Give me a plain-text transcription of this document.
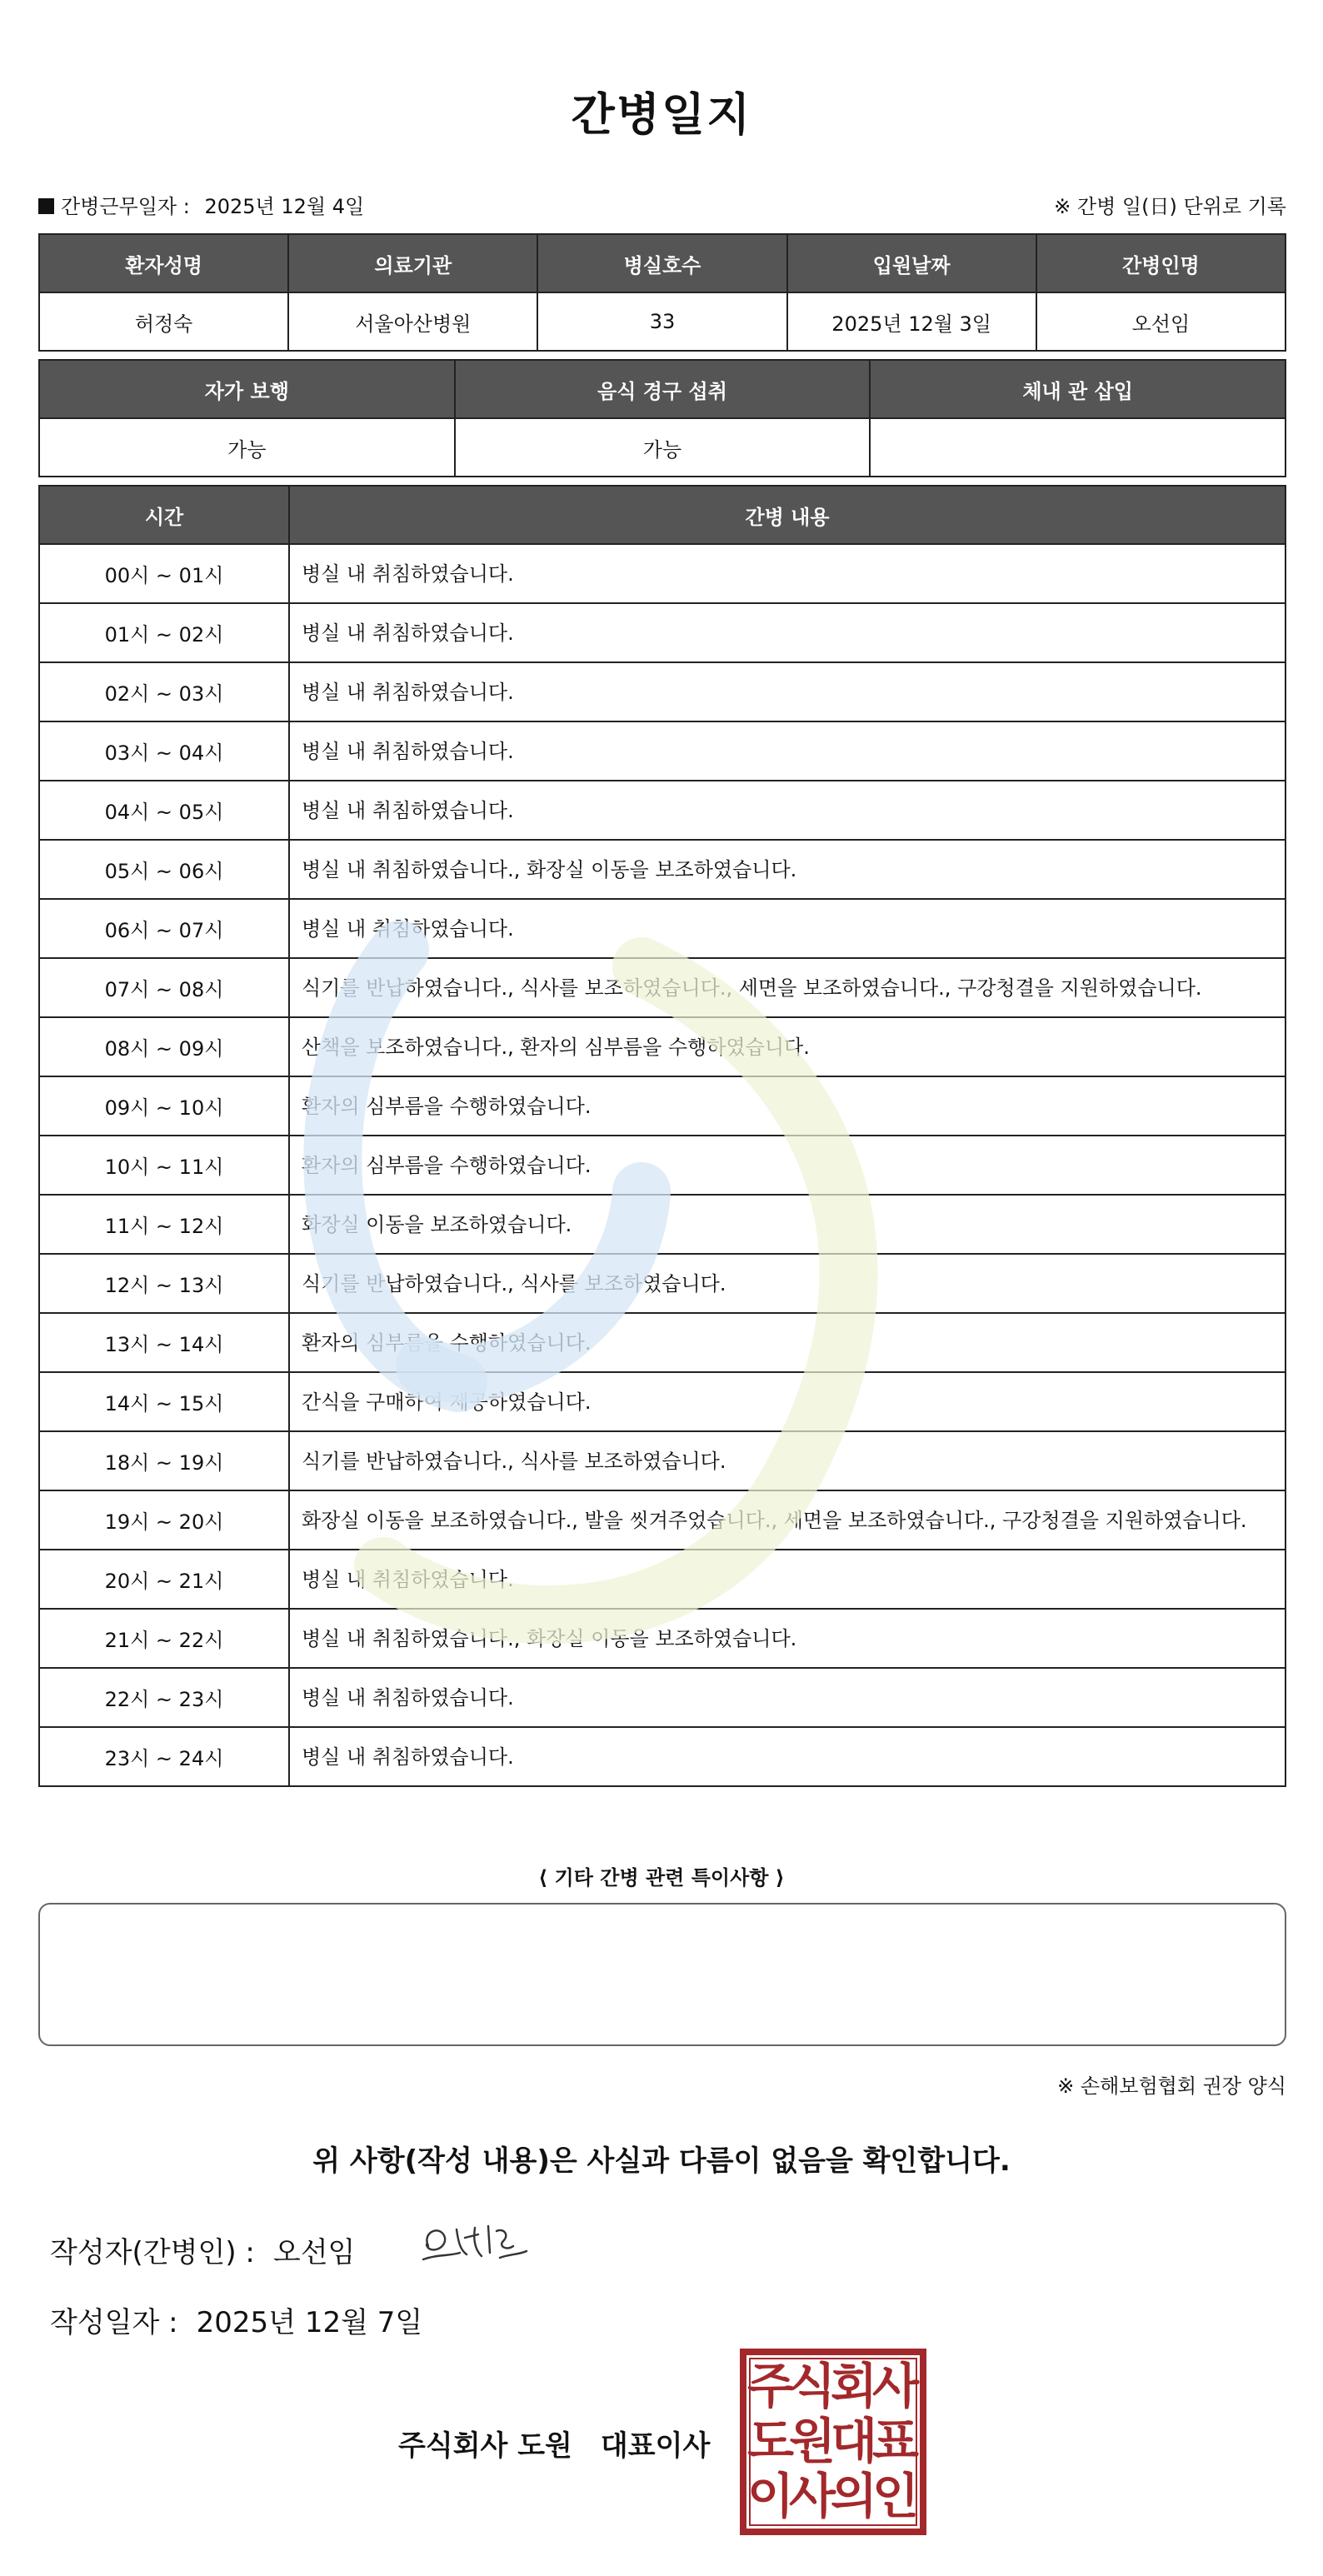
간병일지
간병근무일자 : 2025년 12월 4일	※ 간병 일(日) 단위로 기록
환자성명	의료기관	병실호수	입원날짜	간병인명
허정숙	서울아산병원	33	2025년 12월 3일	오선임
자가 보행	음식 경구 섭취	체내 관 삽입
가능	가능	
시간	간병 내용
00시 ~ 01시	병실 내 취침하였습니다.
01시 ~ 02시	병실 내 취침하였습니다.
02시 ~ 03시	병실 내 취침하였습니다.
03시 ~ 04시	병실 내 취침하였습니다.
04시 ~ 05시	병실 내 취침하였습니다.
05시 ~ 06시	병실 내 취침하였습니다., 화장실 이동을 보조하였습니다.
06시 ~ 07시	병실 내 취침하였습니다.
07시 ~ 08시	식기를 반납하였습니다., 식사를 보조하였습니다., 세면을 보조하였습니다., 구강청결을 지원하였습니다.
08시 ~ 09시	산책을 보조하였습니다., 환자의 심부름을 수행하였습니다.
09시 ~ 10시	환자의 심부름을 수행하였습니다.
10시 ~ 11시	환자의 심부름을 수행하였습니다.
11시 ~ 12시	화장실 이동을 보조하였습니다.
12시 ~ 13시	식기를 반납하였습니다., 식사를 보조하였습니다.
13시 ~ 14시	환자의 심부름을 수행하였습니다.
14시 ~ 15시	간식을 구매하여 제공하였습니다.
18시 ~ 19시	식기를 반납하였습니다., 식사를 보조하였습니다.
19시 ~ 20시	화장실 이동을 보조하였습니다., 발을 씻겨주었습니다., 세면을 보조하였습니다., 구강청결을 지원하였습니다.
20시 ~ 21시	병실 내 취침하였습니다.
21시 ~ 22시	병실 내 취침하였습니다., 화장실 이동을 보조하였습니다.
22시 ~ 23시	병실 내 취침하였습니다.
23시 ~ 24시	병실 내 취침하였습니다.
⟨ 기타 간병 관련 특이사항 ⟩
※ 손해보험협회 권장 양식
위 사항(작성 내용)은 사실과 다름이 없음을 확인합니다.
작성자(간병인) : 오선임
작성일자 : 2025년 12월 7일
주식회사 도원 대표이사
주
식
회
사
도
원
대
표
이
사
의
인
